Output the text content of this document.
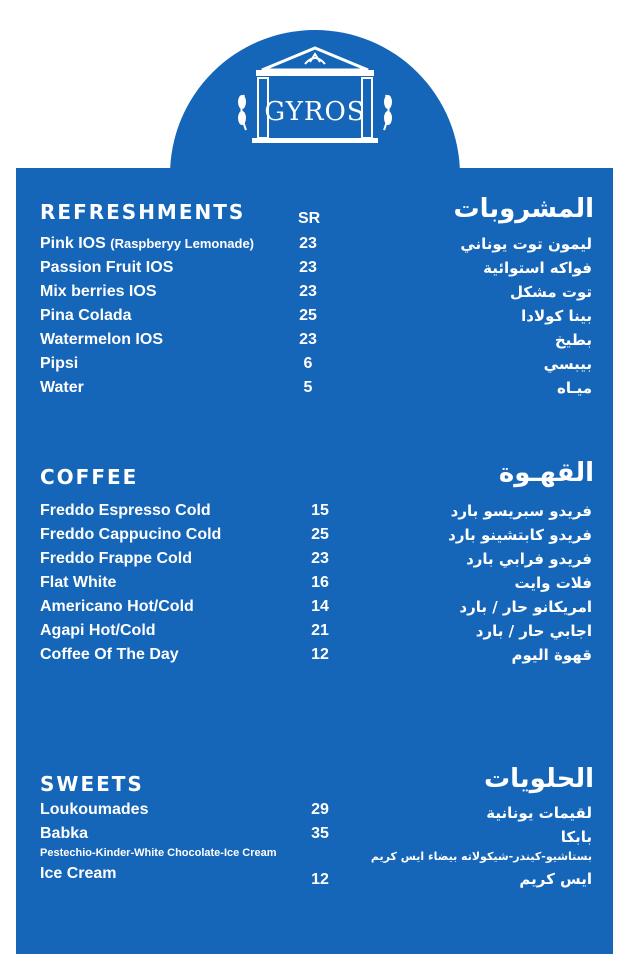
GYROS
REFRESHMENTS	المشروبات
SR
Pink IOS (Raspberyy Lemonade)	23	ليمون توت يوناني
Passion Fruit IOS	23	فواكه استوائية
Mix berries IOS	23	توت مشكل
Pina Colada	25	بينا كولادا
Watermelon IOS	23	بطيخ
Pipsi	6	بيبسي
Water	5	ميـاه
COFFEE	القهـوة
Freddo Espresso Cold	15	فريدو سبريسو بارد
Freddo Cappucino Cold	25	فريدو كابتشينو بارد
Freddo Frappe Cold	23	فريدو فرابي بارد
Flat White	16	فلات وايت
Americano Hot/Cold	14	امريكانو حار / بارد
Agapi Hot/Cold	21	اجابي حار / بارد
Coffee Of The Day	12	قهوة اليوم
SWEETS	الحلويات
Loukoumades	29	لقيمات يونانية
Babka	35	بابكا
Pestechio-Kinder-White Chocolate-Ice Cream	بستاشيو-كيندر-شيكولاته بيضاء ايس كريم
Ice Cream	12	ايس كريم
